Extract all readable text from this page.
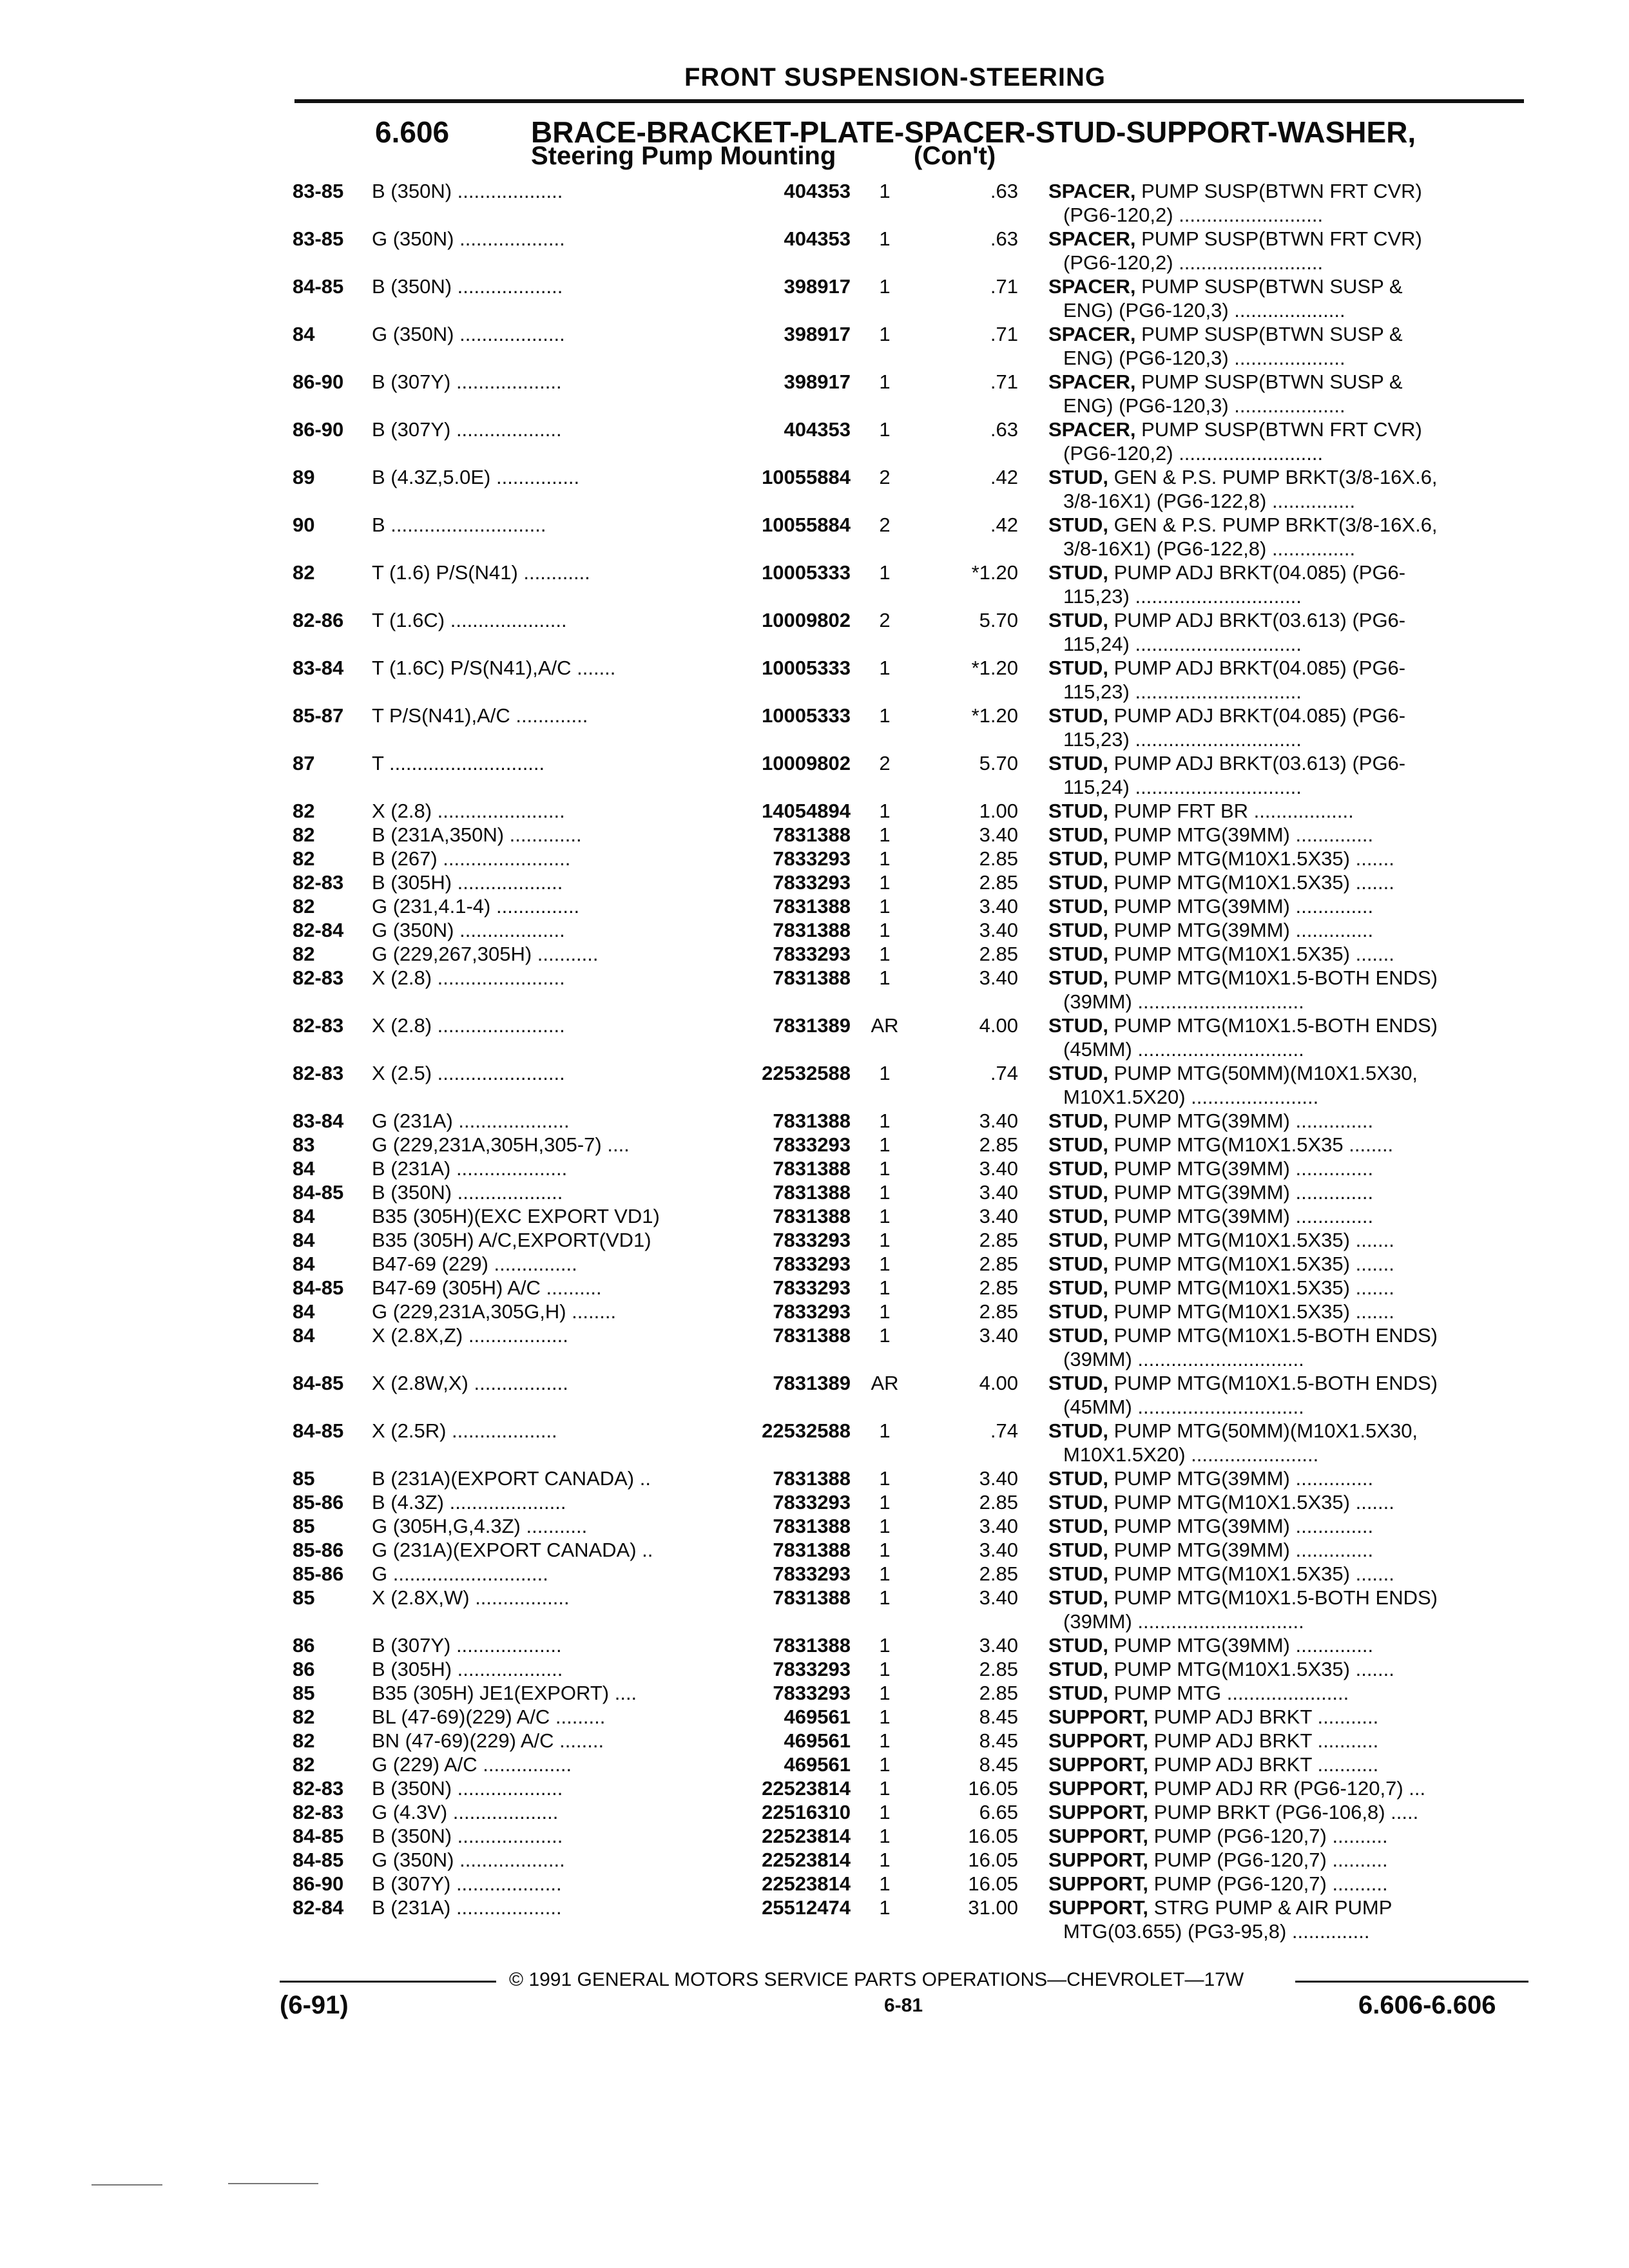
FRONT SUSPENSION-STEERING
6.606	BRACE-BRACKET-PLATE-SPACER-STUD-SUPPORT-WASHER,
Steering Pump Mounting	(Con't)
83-85 B (350N) ...................	404353	1	.63 SPACER, PUMP SUSP(BTWN FRT CVR)
(PG6-120,2) ..........................
83-85 G (350N) ...................	404353	1	.63 SPACER, PUMP SUSP(BTWN FRT CVR)
(PG6-120,2) ..........................
84-85 B (350N) ...................	398917	1	.71 SPACER, PUMP SUSP(BTWN SUSP &
ENG) (PG6-120,3) ....................
84	G (350N) ...................	398917	1	.71 SPACER, PUMP SUSP(BTWN SUSP &
ENG) (PG6-120,3) ....................
86-90 B (307Y) ...................	398917	1	.71 SPACER, PUMP SUSP(BTWN SUSP &
ENG) (PG6-120,3) ....................
86-90 B (307Y) ...................	404353	1	.63 SPACER, PUMP SUSP(BTWN FRT CVR)
(PG6-120,2) ..........................
89	B (4.3Z,5.0E) ...............	10055884	2	.42 STUD, GEN & P.S. PUMP BRKT(3/8-16X.6,
3/8-16X1) (PG6-122,8) ...............
90	B ............................	10055884	2	.42 STUD, GEN & P.S. PUMP BRKT(3/8-16X.6,
3/8-16X1) (PG6-122,8) ...............
82	T (1.6) P/S(N41) ............	10005333	1	*1.20 STUD, PUMP ADJ BRKT(04.085) (PG6-
115,23) ..............................
82-86 T (1.6C) .....................	10009802	2	5.70 STUD, PUMP ADJ BRKT(03.613) (PG6-
115,24) ..............................
83-84 T (1.6C) P/S(N41),A/C .......	10005333	1	*1.20 STUD, PUMP ADJ BRKT(04.085) (PG6-
115,23) ..............................
85-87 T P/S(N41),A/C .............	10005333	1	*1.20 STUD, PUMP ADJ BRKT(04.085) (PG6-
115,23) ..............................
87	T ............................	10009802	2	5.70 STUD, PUMP ADJ BRKT(03.613) (PG6-
115,24) ..............................
82	X (2.8) .......................	14054894	1	1.00 STUD, PUMP FRT BR ..................
82	B (231A,350N) .............	7831388	1	3.40 STUD, PUMP MTG(39MM) ..............
82	B (267) .......................	7833293	1	2.85 STUD, PUMP MTG(M10X1.5X35) .......
82-83 B (305H) ...................	7833293	1	2.85 STUD, PUMP MTG(M10X1.5X35) .......
82	G (231,4.1-4) ...............	7831388	1	3.40 STUD, PUMP MTG(39MM) ..............
82-84 G (350N) ...................	7831388	1	3.40 STUD, PUMP MTG(39MM) ..............
82	G (229,267,305H) ...........	7833293	1	2.85 STUD, PUMP MTG(M10X1.5X35) .......
82-83 X (2.8) .......................	7831388	1	3.40 STUD, PUMP MTG(M10X1.5-BOTH ENDS)
(39MM) ..............................
82-83 X (2.8) .......................	7831389	AR	4.00 STUD, PUMP MTG(M10X1.5-BOTH ENDS)
(45MM) ..............................
82-83 X (2.5) .......................	22532588	1	.74 STUD, PUMP MTG(50MM)(M10X1.5X30,
M10X1.5X20) .......................
83-84 G (231A) ....................	7831388	1	3.40 STUD, PUMP MTG(39MM) ..............
83	G (229,231A,305H,305-7) ....	7833293	1	2.85 STUD, PUMP MTG(M10X1.5X35 ........
84	B (231A) ....................	7831388	1	3.40 STUD, PUMP MTG(39MM) ..............
84-85 B (350N) ...................	7831388	1	3.40 STUD, PUMP MTG(39MM) ..............
84	B35 (305H)(EXC EXPORT VD1)	7831388	1	3.40 STUD, PUMP MTG(39MM) ..............
84	B35 (305H) A/C,EXPORT(VD1)	7833293	1	2.85 STUD, PUMP MTG(M10X1.5X35) .......
84	B47-69 (229) ...............	7833293	1	2.85 STUD, PUMP MTG(M10X1.5X35) .......
84-85 B47-69 (305H) A/C ..........	7833293	1	2.85 STUD, PUMP MTG(M10X1.5X35) .......
84	G (229,231A,305G,H) ........	7833293	1	2.85 STUD, PUMP MTG(M10X1.5X35) .......
84	X (2.8X,Z) ..................	7831388	1	3.40 STUD, PUMP MTG(M10X1.5-BOTH ENDS)
(39MM) ..............................
84-85 X (2.8W,X) .................	7831389	AR	4.00 STUD, PUMP MTG(M10X1.5-BOTH ENDS)
(45MM) ..............................
84-85 X (2.5R) ...................	22532588	1	.74 STUD, PUMP MTG(50MM)(M10X1.5X30,
M10X1.5X20) .......................
85	B (231A)(EXPORT CANADA) ..	7831388	1	3.40 STUD, PUMP MTG(39MM) ..............
85-86 B (4.3Z) .....................	7833293	1	2.85 STUD, PUMP MTG(M10X1.5X35) .......
85	G (305H,G,4.3Z) ...........	7831388	1	3.40 STUD, PUMP MTG(39MM) ..............
85-86 G (231A)(EXPORT CANADA) ..	7831388	1	3.40 STUD, PUMP MTG(39MM) ..............
85-86 G ............................	7833293	1	2.85 STUD, PUMP MTG(M10X1.5X35) .......
85	X (2.8X,W) .................	7831388	1	3.40 STUD, PUMP MTG(M10X1.5-BOTH ENDS)
(39MM) ..............................
86	B (307Y) ...................	7831388	1	3.40 STUD, PUMP MTG(39MM) ..............
86	B (305H) ...................	7833293	1	2.85 STUD, PUMP MTG(M10X1.5X35) .......
85	B35 (305H) JE1(EXPORT) ....	7833293	1	2.85 STUD, PUMP MTG ......................
82	BL (47-69)(229) A/C .........	469561	1	8.45 SUPPORT, PUMP ADJ BRKT ...........
82	BN (47-69)(229) A/C ........	469561	1	8.45 SUPPORT, PUMP ADJ BRKT ...........
82	G (229) A/C ................	469561	1	8.45 SUPPORT, PUMP ADJ BRKT ...........
82-83 B (350N) ...................	22523814	1	16.05 SUPPORT, PUMP ADJ RR (PG6-120,7) ...
82-83 G (4.3V) ...................	22516310	1	6.65 SUPPORT, PUMP BRKT (PG6-106,8) .....
84-85 B (350N) ...................	22523814	1	16.05 SUPPORT, PUMP (PG6-120,7) ..........
84-85 G (350N) ...................	22523814	1	16.05 SUPPORT, PUMP (PG6-120,7) ..........
86-90 B (307Y) ...................	22523814	1	16.05 SUPPORT, PUMP (PG6-120,7) ..........
82-84 B (231A) ...................	25512474	1	31.00 SUPPORT, STRG PUMP & AIR PUMP
MTG(03.655) (PG3-95,8) ..............
© 1991 GENERAL MOTORS SERVICE PARTS OPERATIONS—CHEVROLET—17W
(6-91)	6-81	6.606-6.606
